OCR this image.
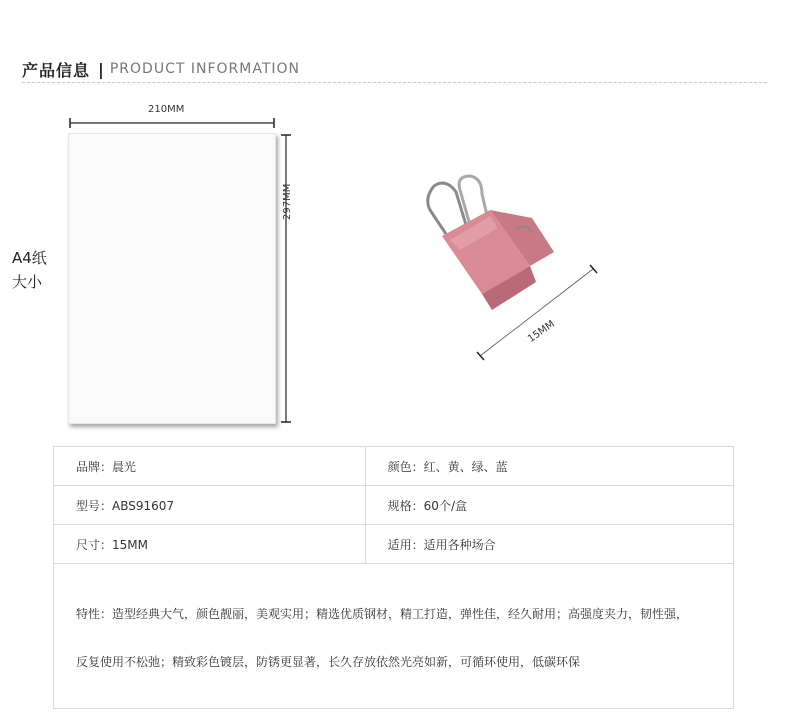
产品信息 | PRODUCT INFORMATION
A4纸
大小
210MM
297MM
15MM
品牌：晨光	颜色：红、黄、绿、蓝
型号：ABS91607	规格：60个/盒
尺寸：15MM	适用：适用各种场合

特性：造型经典大气，颜色靓丽，美观实用；精选优质钢材，精工打造，弹性佳，经久耐用；高强度夹力，韧性强，
反复使用不松弛；精致彩色镀层，防锈更显著，长久存放依然光亮如新，可循环使用，低碳环保	
